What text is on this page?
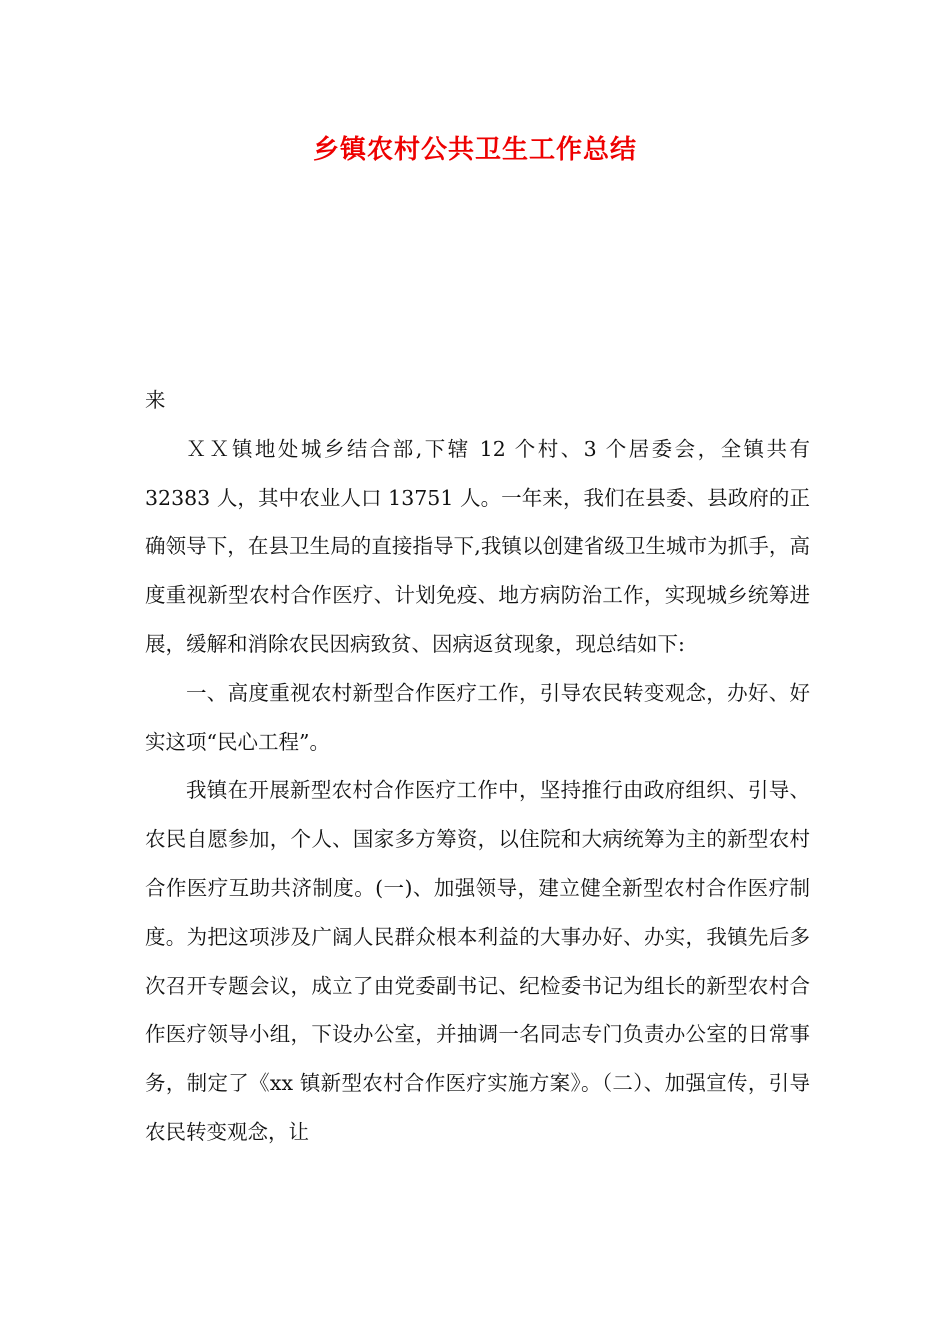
乡镇农村公共卫生工作总结

来

ＸＸ镇地处城乡结合部,下辖 12 个村、3 个居委会，全镇共有 32383 人，其中农业人口 13751 人。一年来，我们在县委、县政府的正确领导下，在县卫生局的直接指导下,我镇以创建省级卫生城市为抓手，高度重视新型农村合作医疗、计划免疫、地方病防治工作，实现城乡统筹进展，缓解和消除农民因病致贫、因病返贫现象，现总结如下:

一、高度重视农村新型合作医疗工作，引导农民转变观念，办好、好实这项“民心工程”。

我镇在开展新型农村合作医疗工作中，坚持推行由政府组织、引导、农民自愿参加，个人、国家多方筹资，以住院和大病统筹为主的新型农村合作医疗互助共济制度。(一)、加强领导，建立健全新型农村合作医疗制度。为把这项涉及广阔人民群众根本利益的大事办好、办实，我镇先后多次召开专题会议，成立了由党委副书记、纪检委书记为组长的新型农村合作医疗领导小组，下设办公室，并抽调一名同志专门负责办公室的日常事务，制定了《xx 镇新型农村合作医疗实施方案》。（二）、加强宣传，引导农民转变观念，让
